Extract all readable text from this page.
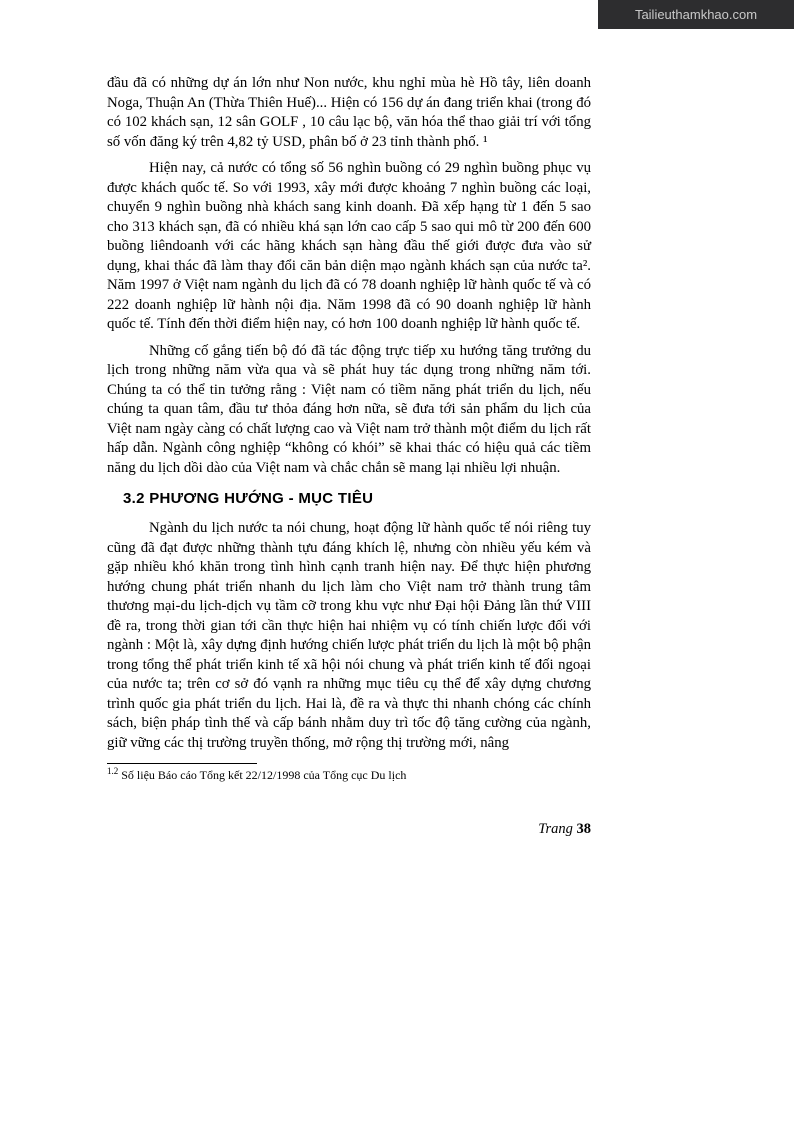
Tailieuthamkhao.com

đầu đã có những dự án lớn như Non nước, khu nghỉ mùa hè Hồ tây, liên doanh Noga, Thuận An (Thừa Thiên Huế)... Hiện có 156 dự án đang triển khai (trong đó có 102 khách sạn, 12 sân GOLF , 10 câu lạc bộ, văn hóa thể thao giải trí với tổng số vốn đăng ký trên 4,82 tỷ USD, phân bố ở 23 tỉnh thành phố. ¹

Hiện nay, cả nước có tổng số 56 nghìn buồng có 29 nghìn buồng phục vụ được khách quốc tế. So với 1993, xây mới được khoảng 7 nghìn buồng các loại, chuyển 9 nghìn buồng nhà khách sang kinh doanh. Đã xếp hạng từ 1 đến 5 sao cho 313 khách sạn, đã có nhiều khá sạn lớn cao cấp 5 sao qui mô từ 200 đến 600 buồng liêndoanh với các hãng khách sạn hàng đầu thế giới được đưa vào sử dụng, khai thác đã làm thay đổi căn bản diện mạo ngành khách sạn của nước ta². Năm 1997 ở Việt nam ngành du lịch đã có 78 doanh nghiệp lữ hành quốc tế và có 222 doanh nghiệp lữ hành nội địa. Năm 1998 đã có 90 doanh nghiệp lữ hành quốc tế. Tính đến thời điểm hiện nay, có hơn 100 doanh nghiệp lữ hành quốc tế.

Những cố gắng tiến bộ đó đã tác động trực tiếp xu hướng tăng trưởng du lịch trong những năm vừa qua và sẽ phát huy tác dụng trong những năm tới. Chúng ta có thể tin tưởng rằng : Việt nam có tiềm năng phát triển du lịch, nếu chúng ta quan tâm, đầu tư thỏa đáng hơn nữa, sẽ đưa tới sản phẩm du lịch của Việt nam ngày càng có chất lượng cao và Việt nam trở thành một điểm du lịch rất hấp dẫn. Ngành công nghiệp “không có khói” sẽ khai thác có hiệu quả các tiềm năng du lịch dồi dào của Việt nam và chắc chắn sẽ mang lại nhiều lợi nhuận.

3.2 PHƯƠNG HƯỚNG - MỤC TIÊU

Ngành du lịch nước ta nói chung, hoạt động lữ hành quốc tế nói riêng tuy cũng đã đạt được những thành tựu đáng khích lệ, nhưng còn nhiều yếu kém và gặp nhiều khó khăn trong tình hình cạnh tranh hiện nay. Để thực hiện phương hướng chung phát triển nhanh du lịch làm cho Việt nam trở thành trung tâm thương mại-du lịch-dịch vụ tầm cỡ trong khu vực như Đại hội Đảng lần thứ VIII đề ra, trong thời gian tới cần thực hiện hai nhiệm vụ có tính chiến lược đối với ngành : Một là, xây dựng định hướng chiến lược phát triển du lịch là một bộ phận trong tổng thể phát triển kinh tế xã hội nói chung và phát triển kinh tế đối ngoại của nước ta; trên cơ sở đó vạnh ra những mục tiêu cụ thể để xây dựng chương trình quốc gia phát triển du lịch. Hai là, đề ra và thực thi nhanh chóng các chính sách, biện pháp tình thế và cấp bánh nhằm duy trì tốc độ tăng cường của ngành, giữ vững các thị trường truyền thống, mở rộng thị trường mới, nâng

$^{1.2}$ Số liệu Báo cáo Tổng kết 22/12/1998 của Tổng cục Du lịch
Trang 38
